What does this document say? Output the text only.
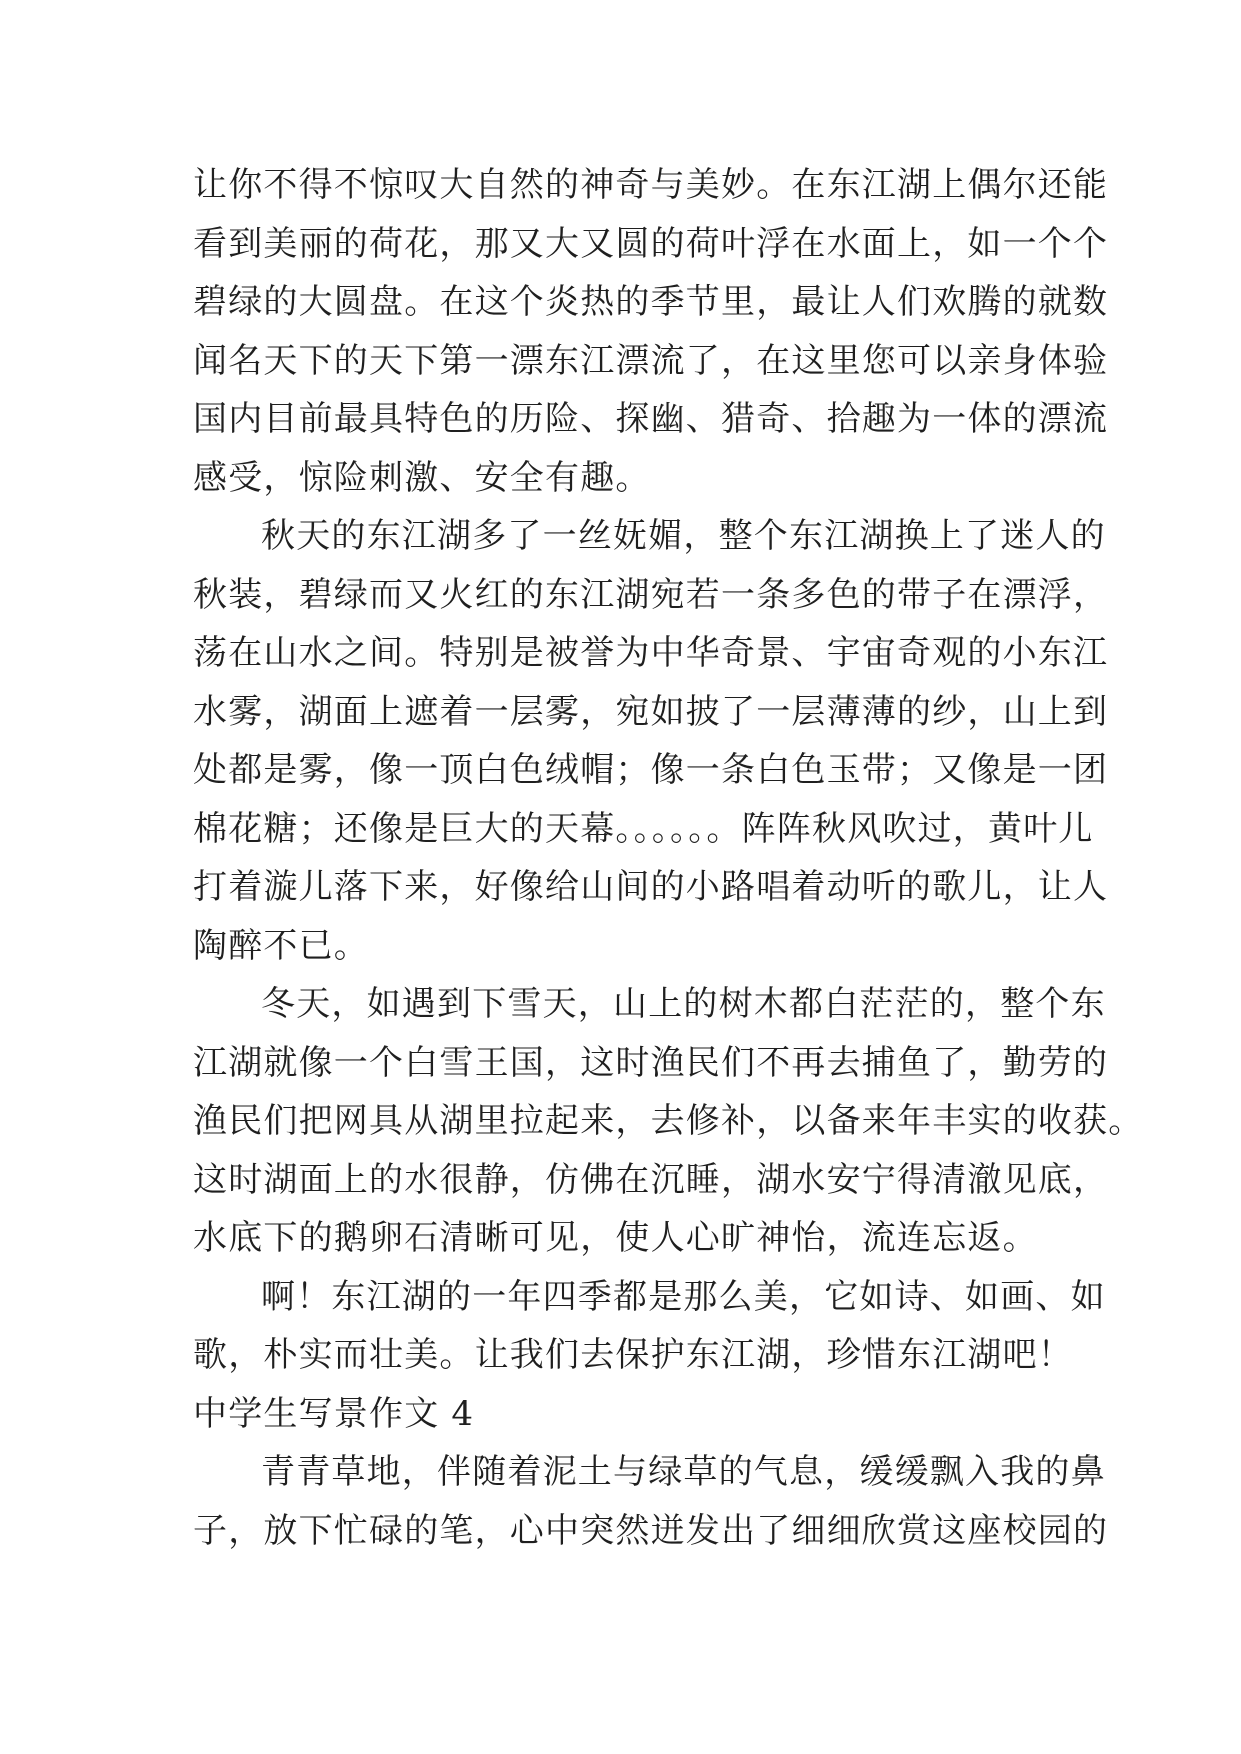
让你不得不惊叹大自然的神奇与美妙。在东江湖上偶尔还能
看到美丽的荷花，那又大又圆的荷叶浮在水面上，如一个个
碧绿的大圆盘。在这个炎热的季节里，最让人们欢腾的就数
闻名天下的天下第一漂东江漂流了，在这里您可以亲身体验
国内目前最具特色的历险、探幽、猎奇、拾趣为一体的漂流
感受，惊险刺激、安全有趣。

秋天的东江湖多了一丝妩媚，整个东江湖换上了迷人的
秋装，碧绿而又火红的东江湖宛若一条多色的带子在漂浮，
荡在山水之间。特别是被誉为中华奇景、宇宙奇观的小东江
水雾，湖面上遮着一层雾，宛如披了一层薄薄的纱，山上到
处都是雾，像一顶白色绒帽；像一条白色玉带；又像是一团
棉花糖；还像是巨大的天幕。。。。。。阵阵秋风吹过，黄叶儿
打着漩儿落下来，好像给山间的小路唱着动听的歌儿，让人
陶醉不已。

冬天，如遇到下雪天，山上的树木都白茫茫的，整个东
江湖就像一个白雪王国，这时渔民们不再去捕鱼了，勤劳的
渔民们把网具从湖里拉起来，去修补，以备来年丰实的收获。
这时湖面上的水很静，仿佛在沉睡，湖水安宁得清澈见底，
水底下的鹅卵石清晰可见，使人心旷神怡，流连忘返。

啊！东江湖的一年四季都是那么美，它如诗、如画、如
歌，朴实而壮美。让我们去保护东江湖，珍惜东江湖吧！

中学生写景作文 4

青青草地，伴随着泥土与绿草的气息，缓缓飘入我的鼻
子，放下忙碌的笔，心中突然迸发出了细细欣赏这座校园的
